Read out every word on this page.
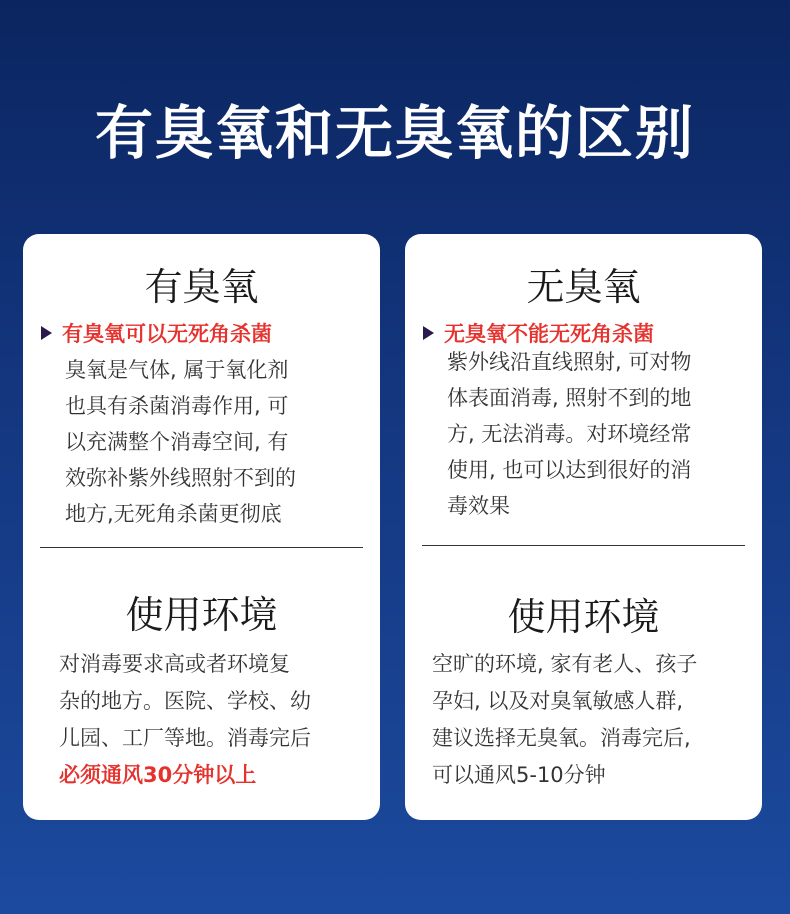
有臭氧和无臭氧的区别
有臭氧
有臭氧可以无死角杀菌
臭氧是气体, 属于氧化剂
也具有杀菌消毒作用, 可
以充满整个消毒空间, 有
效弥补紫外线照射不到的
地方,无死角杀菌更彻底
使用环境
对消毒要求高或者环境复
杂的地方。医院、学校、幼
儿园、工厂等地。消毒完后
必须通风30分钟以上
无臭氧
无臭氧不能无死角杀菌
紫外线沿直线照射, 可对物
体表面消毒, 照射不到的地
方, 无法消毒。对环境经常
使用, 也可以达到很好的消
毒效果
使用环境
空旷的环境, 家有老人、孩子
孕妇, 以及对臭氧敏感人群,
建议选择无臭氧。消毒完后,
可以通风5-10分钟
